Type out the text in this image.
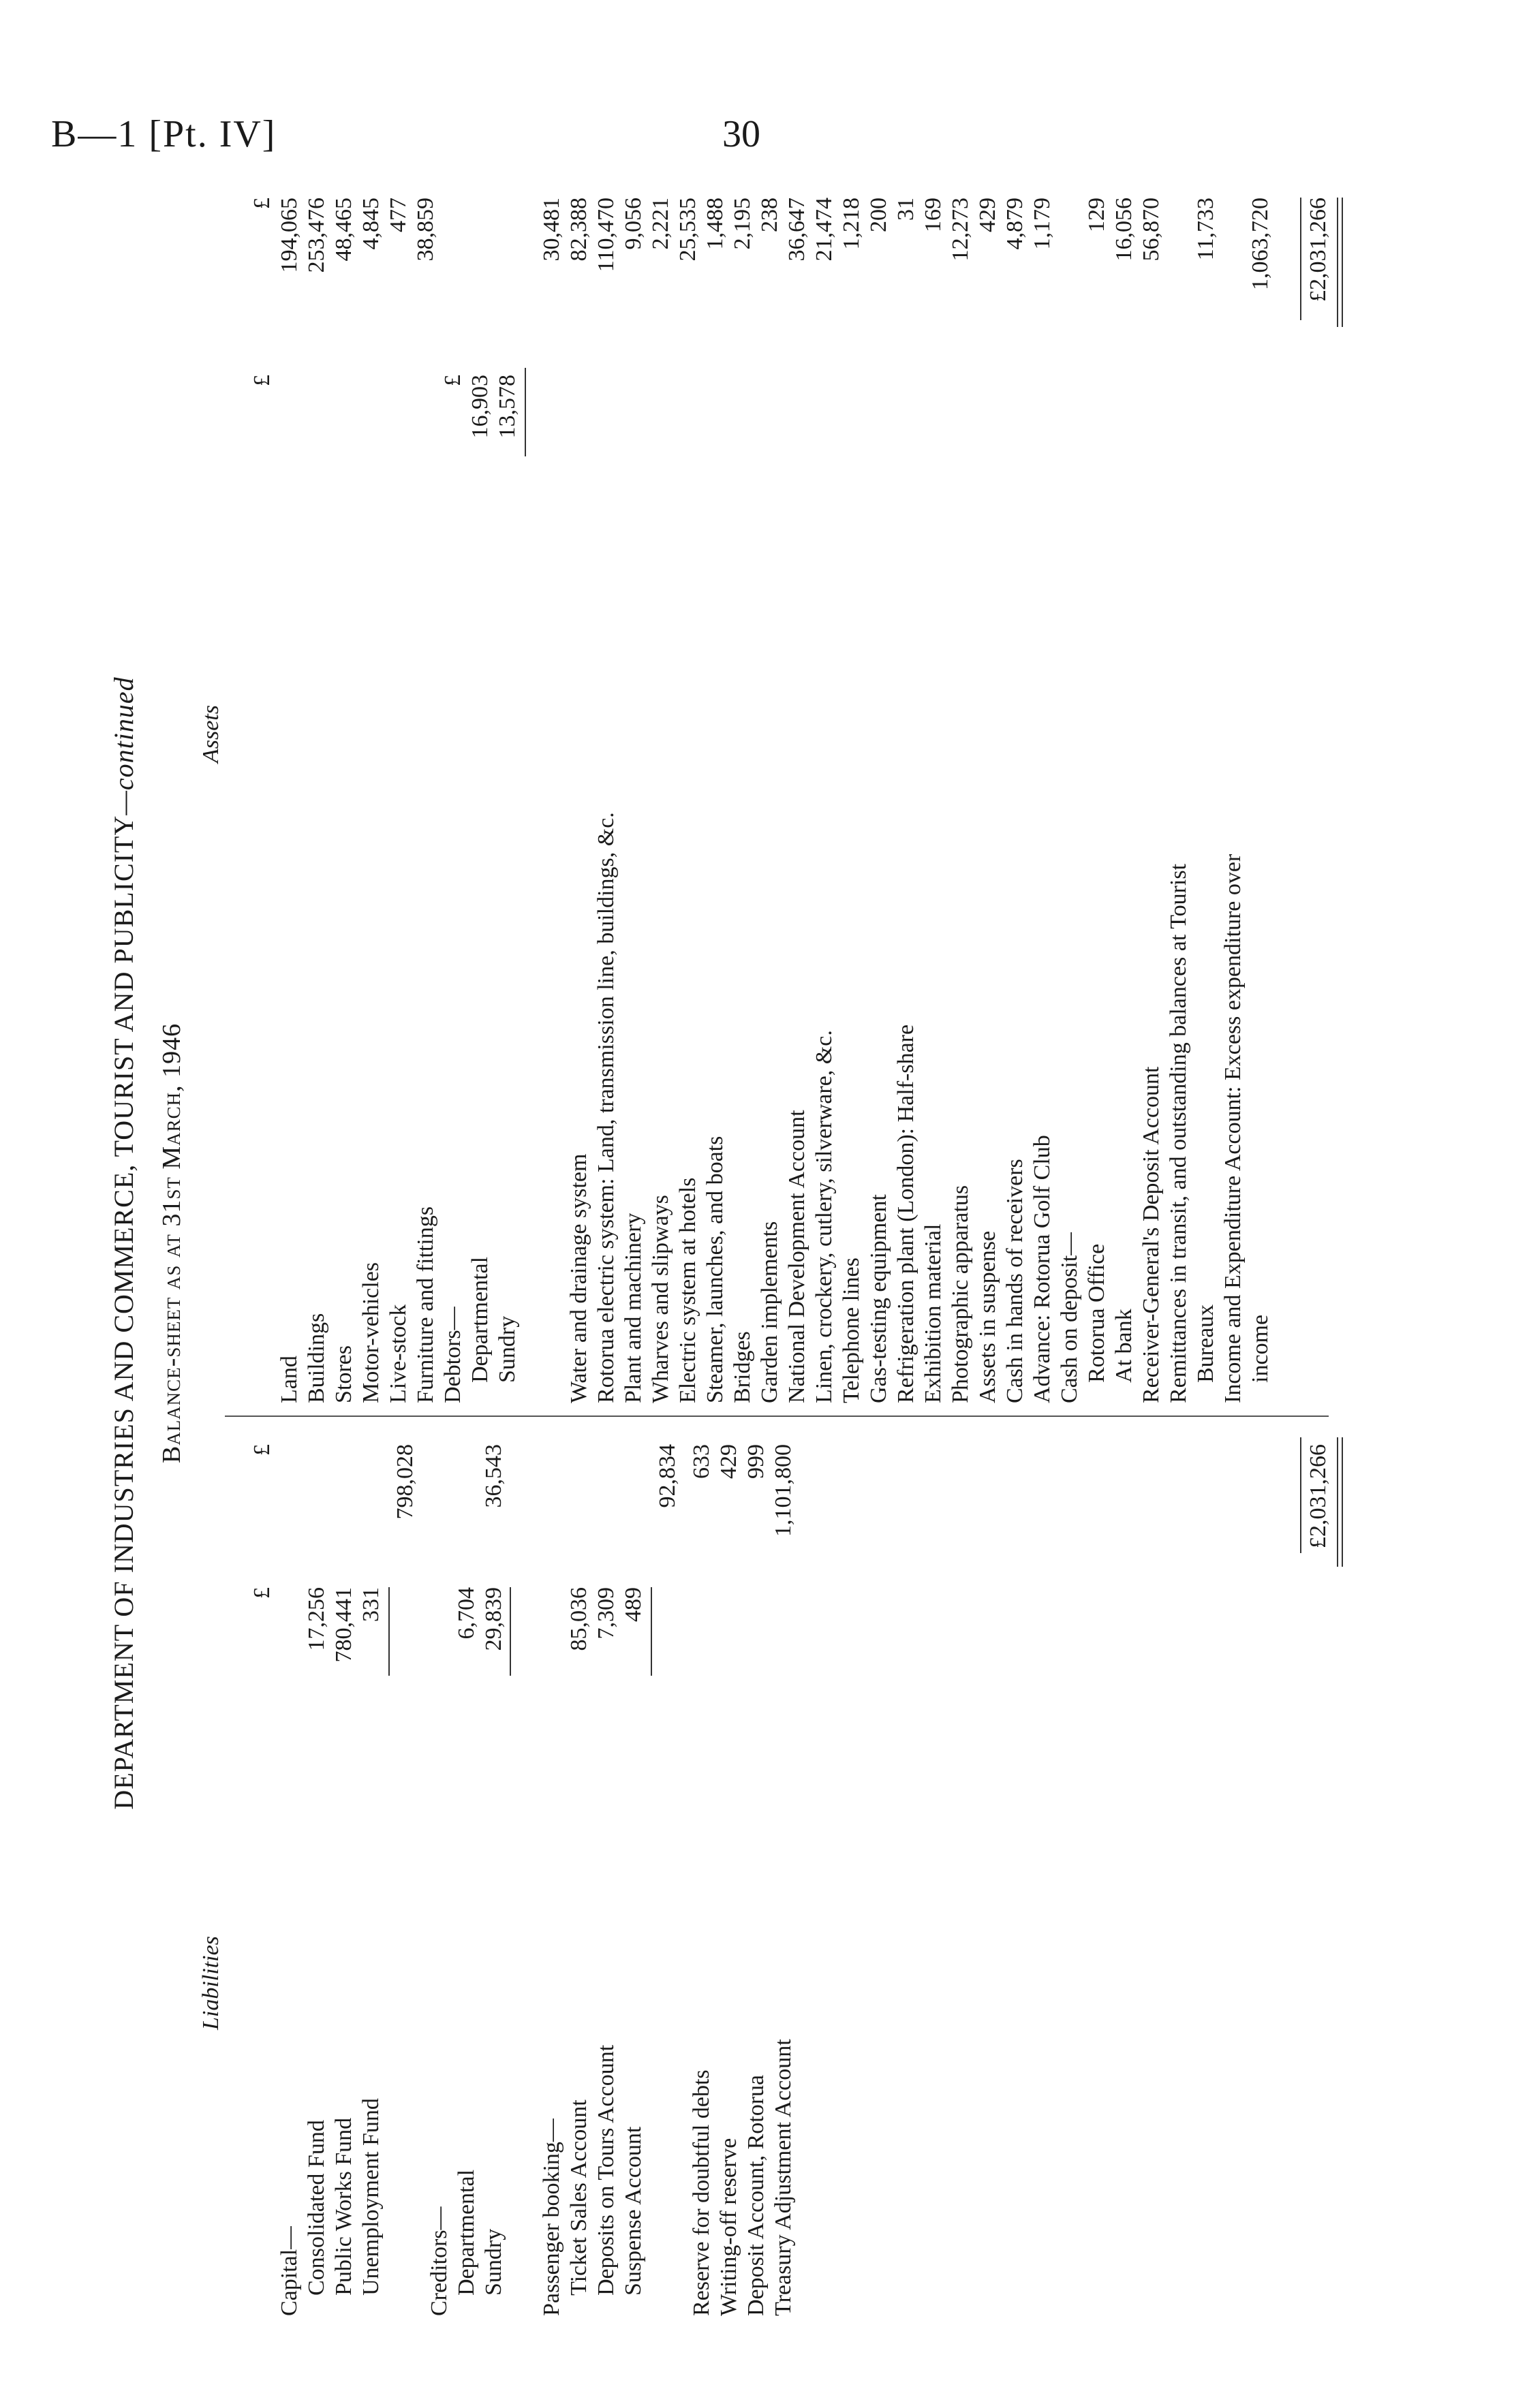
B—1 [Pt. IV]	30
DEPARTMENT OF INDUSTRIES AND COMMERCE, TOURIST AND PUBLICITY—continued
Balance-sheet as at 31st March, 1946
Liabilities
£
£
Capital— Consolidated Fund
17,256
Public Works Fund
780,441
Unemployment Fund
331
798,028
Creditors— Departmental
6,704
Sundry
29,839
36,543
Passenger booking— Ticket Sales Account
85,036
Deposits on Tours Account
7,309
Suspense Account
489
92,834
Reserve for doubtful debts
633
Writing-off reserve
429
Deposit Account, Rotorua
999
Treasury Adjustment Account
1,101,800	£2,031,266
Assets
£
£
Land
194,065
Buildings
253,476
Stores
48,465
Motor-vehicles
4,845
Live-stock
477
Furniture and fittings
38,859
Debtors—
£
Departmental
16,903
Sundry
13,578
30,481
Water and drainage system
82,388
Rotorua electric system: Land, transmission line, buildings, &c.
110,470
Plant and machinery
9,056
Wharves and slipways
2,221
Electric system at hotels
25,535
Steamer, launches, and boats
1,488
Bridges
2,195
Garden implements
238
National Development Account
36,647
Linen, crockery, cutlery, silverware, &c.
21,474
Telephone lines
1,218
Gas-testing equipment
200
Refrigeration plant (London): Half-share
31
Exhibition material
169
Photographic apparatus
12,273
Assets in suspense
429
Cash in hands of receivers
4,879
Advance: Rotorua Golf Club
1,179
Cash on deposit— Rotorua Office
129
At bank
16,056
Receiver-General's Deposit Account
56,870
Remittances in transit, and outstanding balances at Tourist Bureaux
11,733
Income and Expenditure Account: Excess expenditure over income
1,063,720 £2,031,266
